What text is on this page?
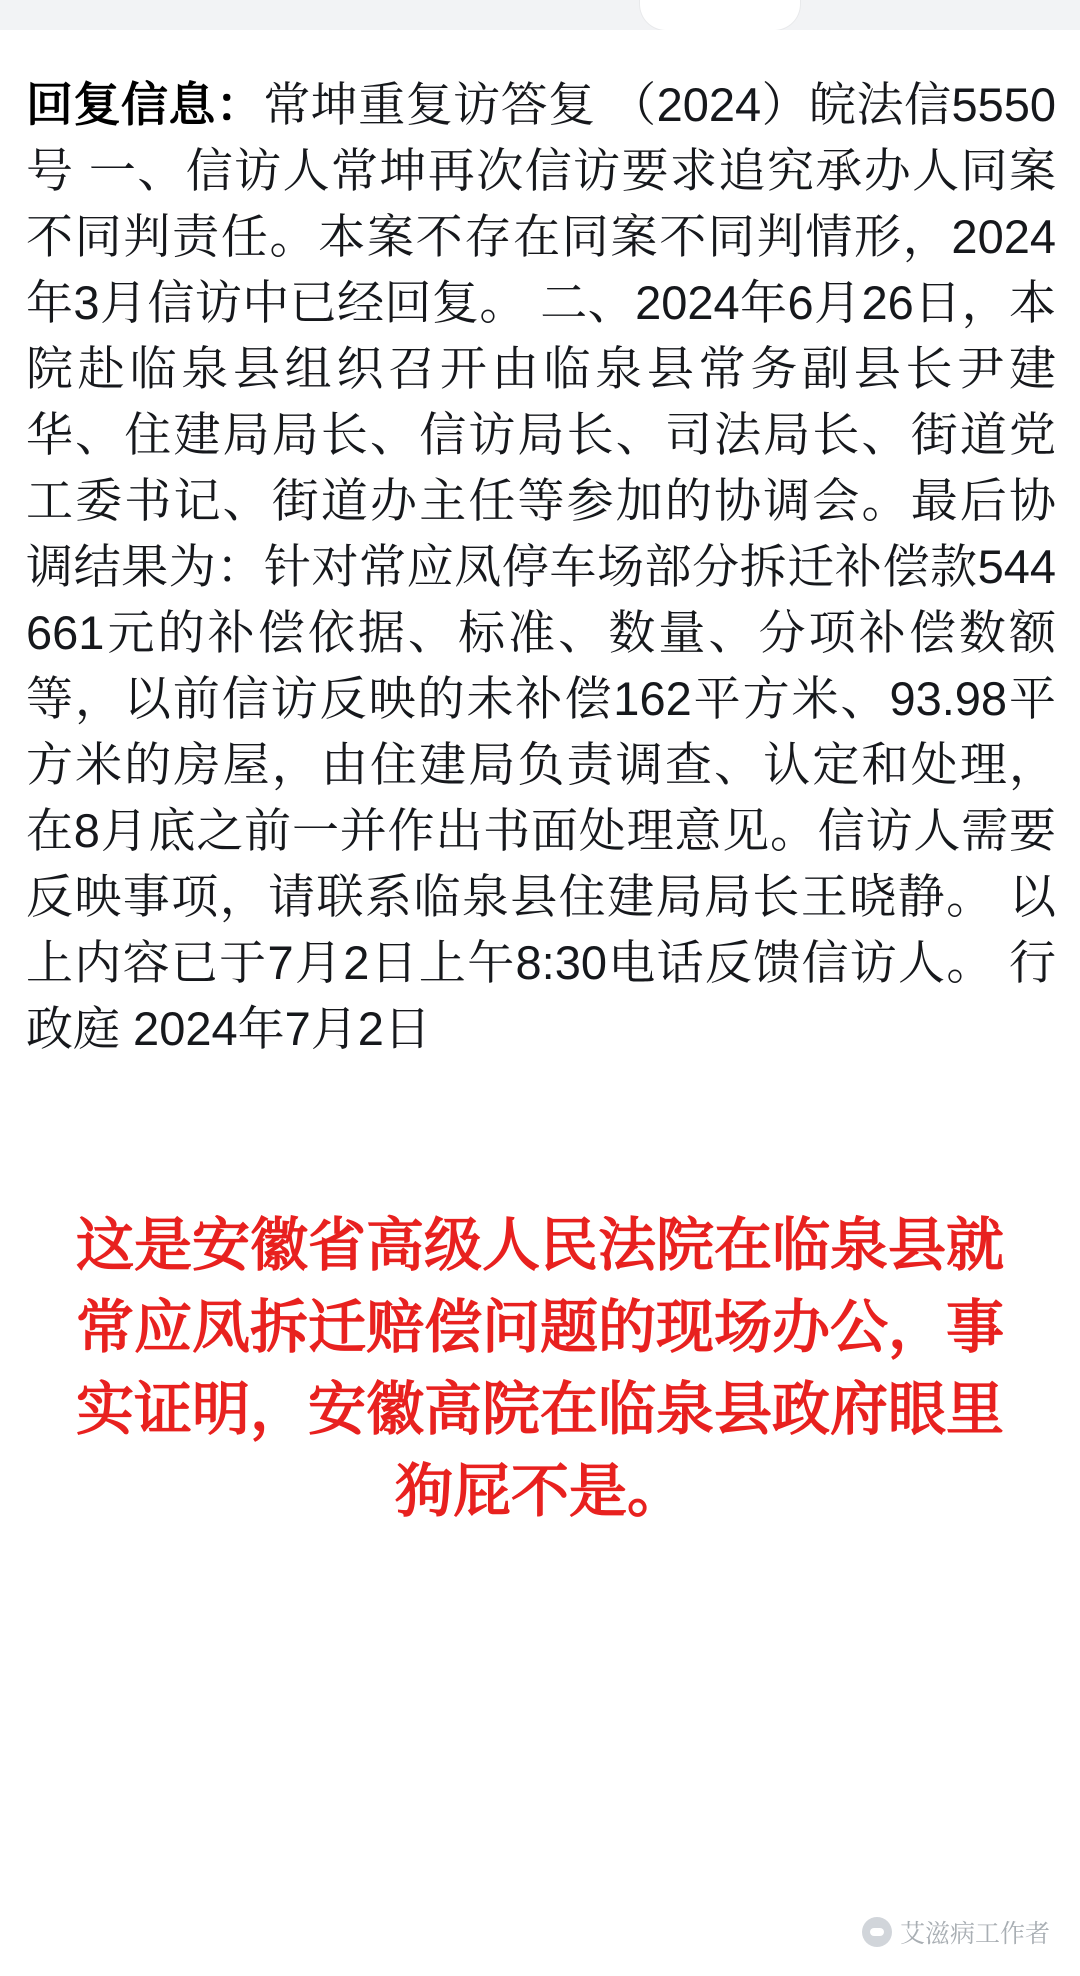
回复信息：常坤重复访答复 （2024）皖法信5550号 一、信访人常坤再次信访要求追究承办人同案不同判责任。本案不存在同案不同判情形，2024年3月信访中已经回复。 二、2024年6月26日，本院赴临泉县组织召开由临泉县常务副县长尹建华、住建局局长、信访局长、司法局长、街道党工委书记、街道办主任等参加的协调会。最后协调结果为：针对常应凤停车场部分拆迁补偿款544661元的补偿依据、标准、数量、分项补偿数额等，以前信访反映的未补偿162平方米、93.98平方米的房屋，由住建局负责调查、认定和处理，在8月底之前一并作出书面处理意见。信访人需要反映事项，请联系临泉县住建局局长王晓静。 以上内容已于7月2日上午8:30电话反馈信访人。 行政庭 2024年7月2日
这是安徽省高级人民法院在临泉县就常应凤拆迁赔偿问题的现场办公，事实证明，安徽高院在临泉县政府眼里狗屁不是。
艾滋病工作者
